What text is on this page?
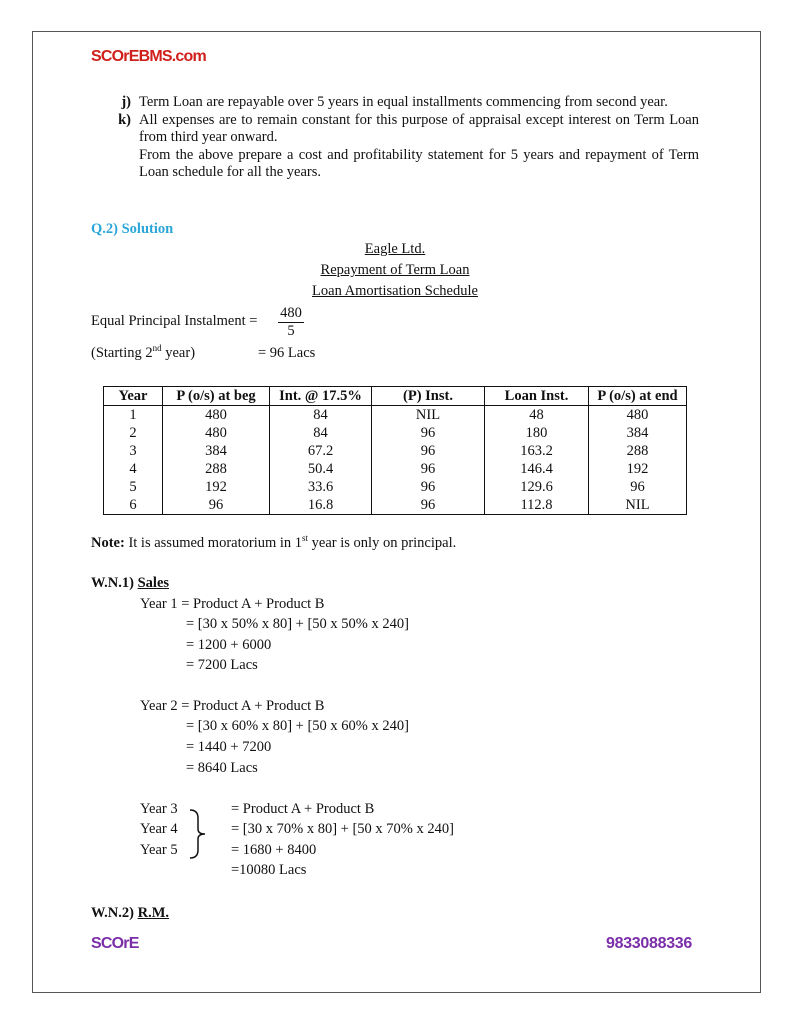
SCOrEBMS.com
j) Term Loan are repayable over 5 years in equal installments commencing from second year.
k) All expenses are to remain constant for this purpose of appraisal except interest on Term Loan from third year onward.
From the above prepare a cost and profitability statement for 5 years and repayment of Term Loan schedule for all the years.
Q.2) Solution
Eagle Ltd.
Repayment of Term Loan
Loan Amortisation Schedule
Equal Principal Instalment = $\frac{480}{5}$
(Starting 2nd year)	= 96 Lacs
Year	P (o/s) at beg	Int. @ 17.5%	(P) Inst.	Loan Inst.	P (o/s) at end
1	480	84	NIL	48	480
2	480	84	96	180	384
3	384	67.2	96	163.2	288
4	288	50.4	96	146.4	192
5	192	33.6	96	129.6	96
6	96	16.8	96	112.8	NIL
Note: It is assumed moratorium in 1st year is only on principal.
W.N.1) Sales
Year 1 = Product A + Product B
= [30 x 50% x 80] + [50 x 50% x 240]
= 1200 + 6000
= 7200 Lacs
Year 2 = Product A + Product B
= [30 x 60% x 80] + [50 x 60% x 240]
= 1440 + 7200
= 8640 Lacs
Year 3
Year 4
Year 5
= Product A + Product B
= [30 x 70% x 80] + [50 x 70% x 240]
= 1680 + 8400
=10080 Lacs
W.N.2) R.M.
SCOrE	9833088336
